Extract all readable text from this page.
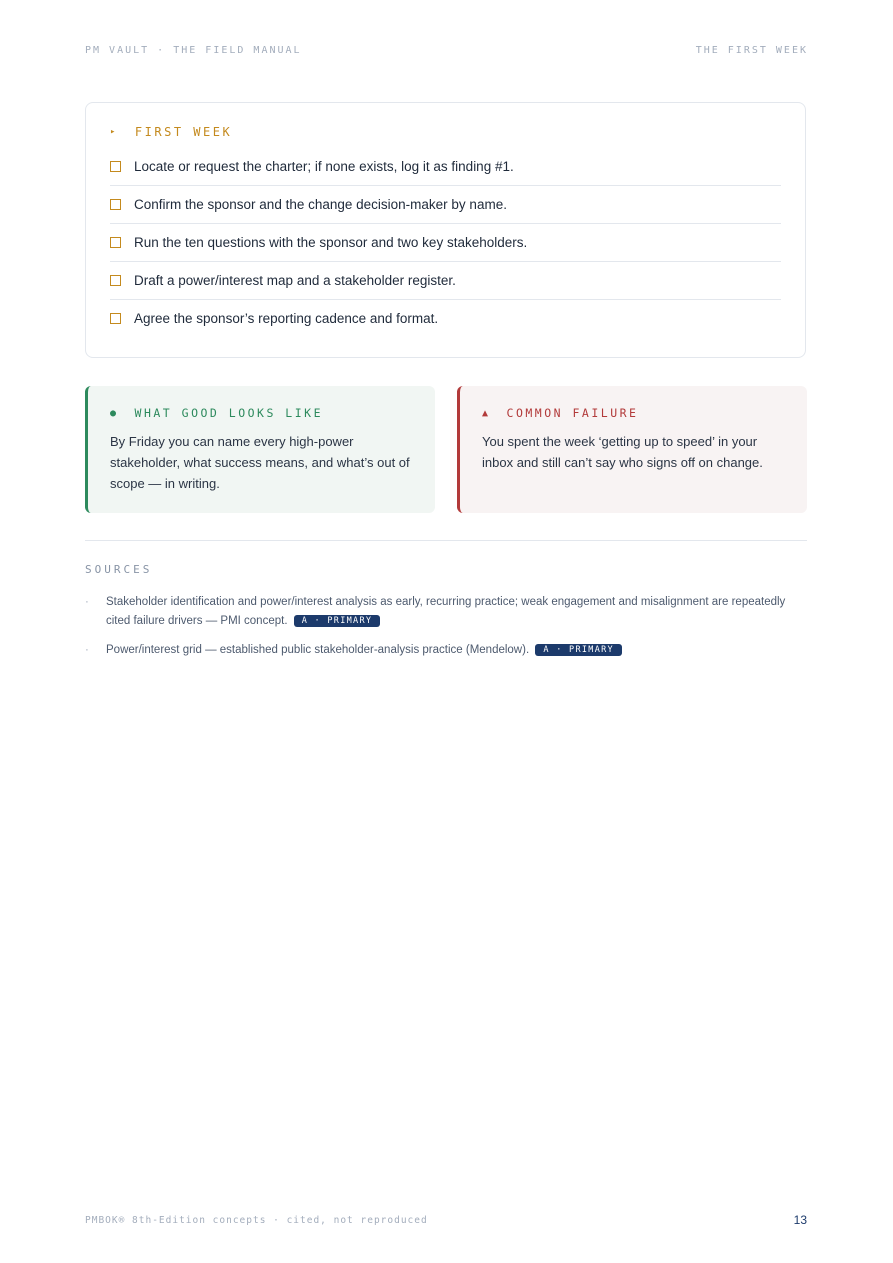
PM VAULT · THE FIELD MANUAL	THE FIRST WEEK
▸ FIRST WEEK
Locate or request the charter; if none exists, log it as finding #1.
Confirm the sponsor and the change decision-maker by name.
Run the ten questions with the sponsor and two key stakeholders.
Draft a power/interest map and a stakeholder register.
Agree the sponsor’s reporting cadence and format.
● WHAT GOOD LOOKS LIKE
By Friday you can name every high-power stakeholder, what success means, and what’s out of scope — in writing.
▲ COMMON FAILURE
You spent the week ‘getting up to speed’ in your inbox and still can’t say who signs off on change.
SOURCES
·	Stakeholder identification and power/interest analysis as early, recurring practice; weak engagement and misalignment are repeatedly cited failure drivers — PMI concept. A · PRIMARY
·	Power/interest grid — established public stakeholder-analysis practice (Mendelow). A · PRIMARY
PMBOK® 8th-Edition concepts · cited, not reproduced	13
